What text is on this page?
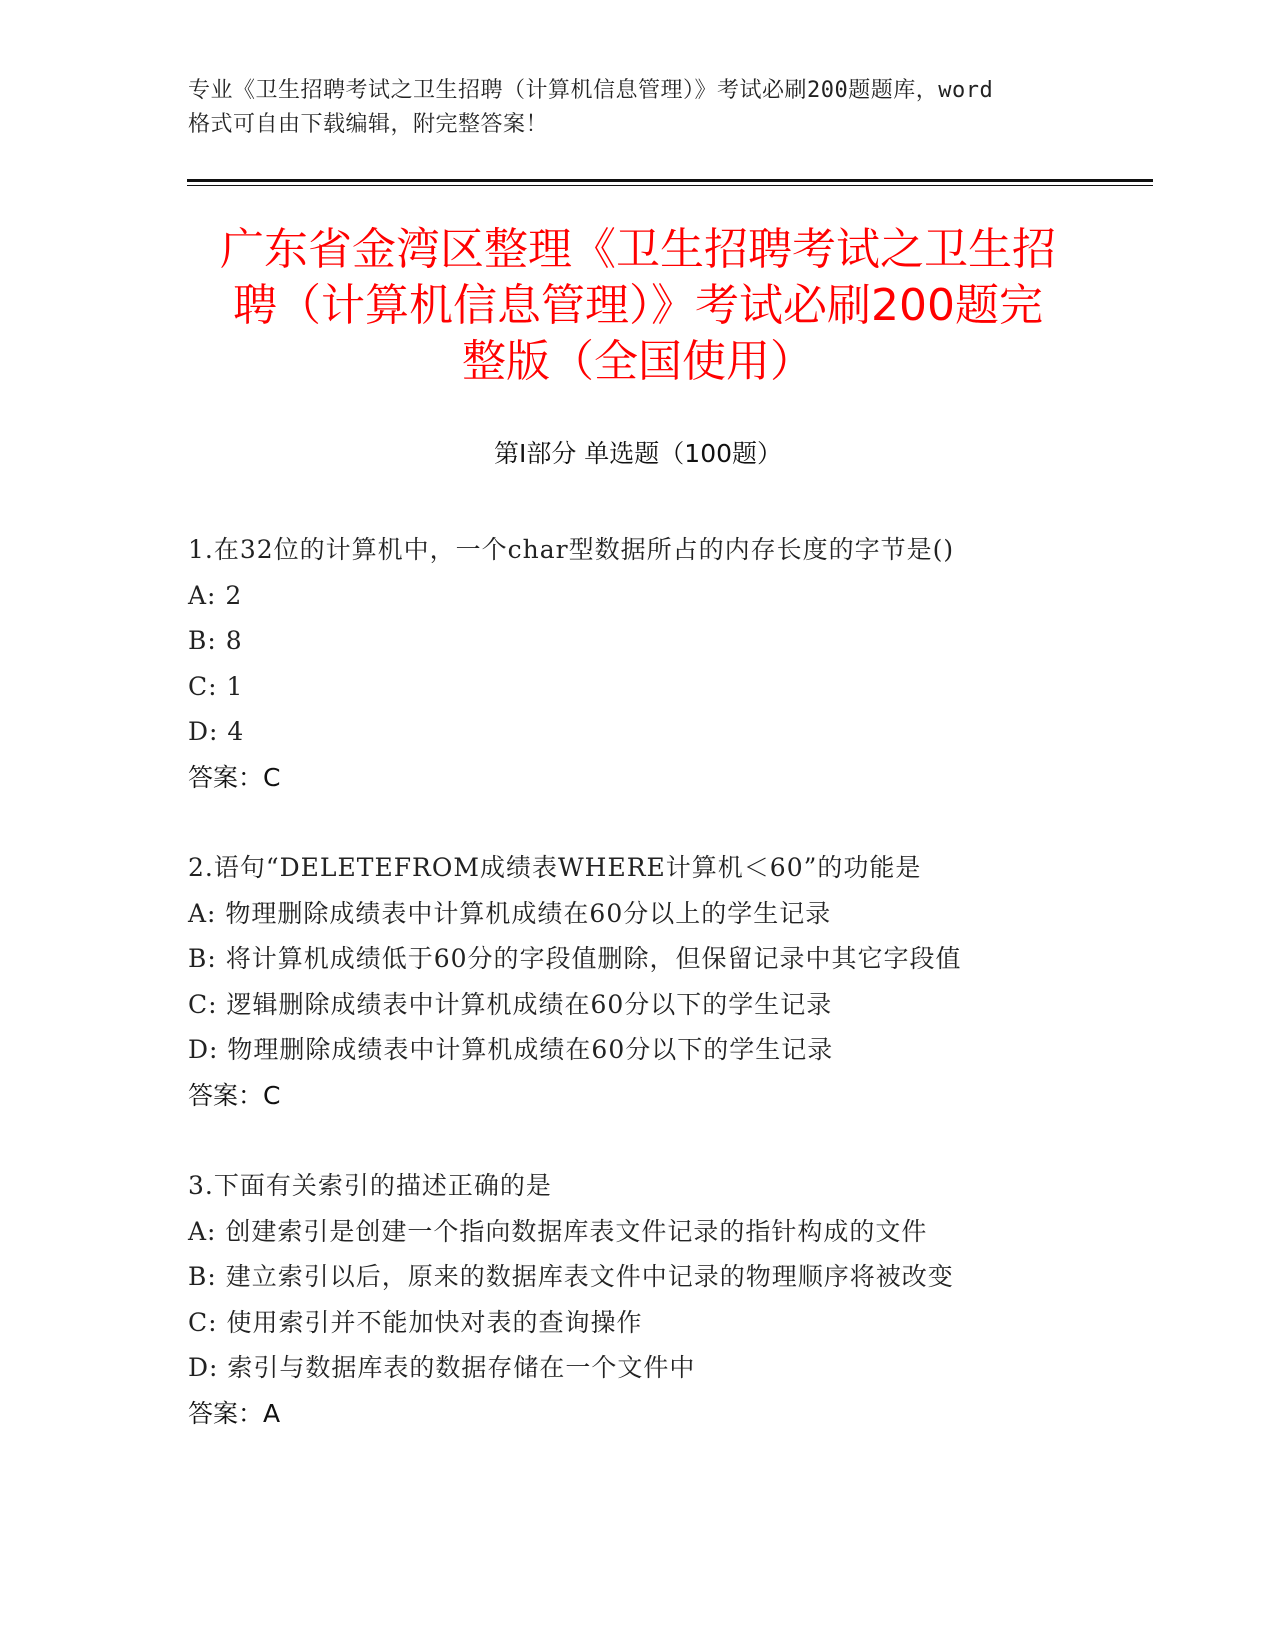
专业《卫生招聘考试之卫生招聘（计算机信息管理）》考试必刷200题题库，word
格式可自由下载编辑，附完整答案！
广东省金湾区整理《卫生招聘考试之卫生招
聘（计算机信息管理）》考试必刷200题完
整版（全国使用）
第I部分 单选题（100题）
1.在32位的计算机中，一个char型数据所占的内存长度的字节是()
A: 2
B: 8
C: 1
D: 4
答案：C
2.语句“DELETEFROM成绩表WHERE计算机＜60”的功能是
A: 物理删除成绩表中计算机成绩在60分以上的学生记录
B: 将计算机成绩低于60分的字段值删除，但保留记录中其它字段值
C: 逻辑删除成绩表中计算机成绩在60分以下的学生记录
D: 物理删除成绩表中计算机成绩在60分以下的学生记录
答案：C
3.下面有关索引的描述正确的是
A: 创建索引是创建一个指向数据库表文件记录的指针构成的文件
B: 建立索引以后，原来的数据库表文件中记录的物理顺序将被改变
C: 使用索引并不能加快对表的查询操作
D: 索引与数据库表的数据存储在一个文件中
答案：A
